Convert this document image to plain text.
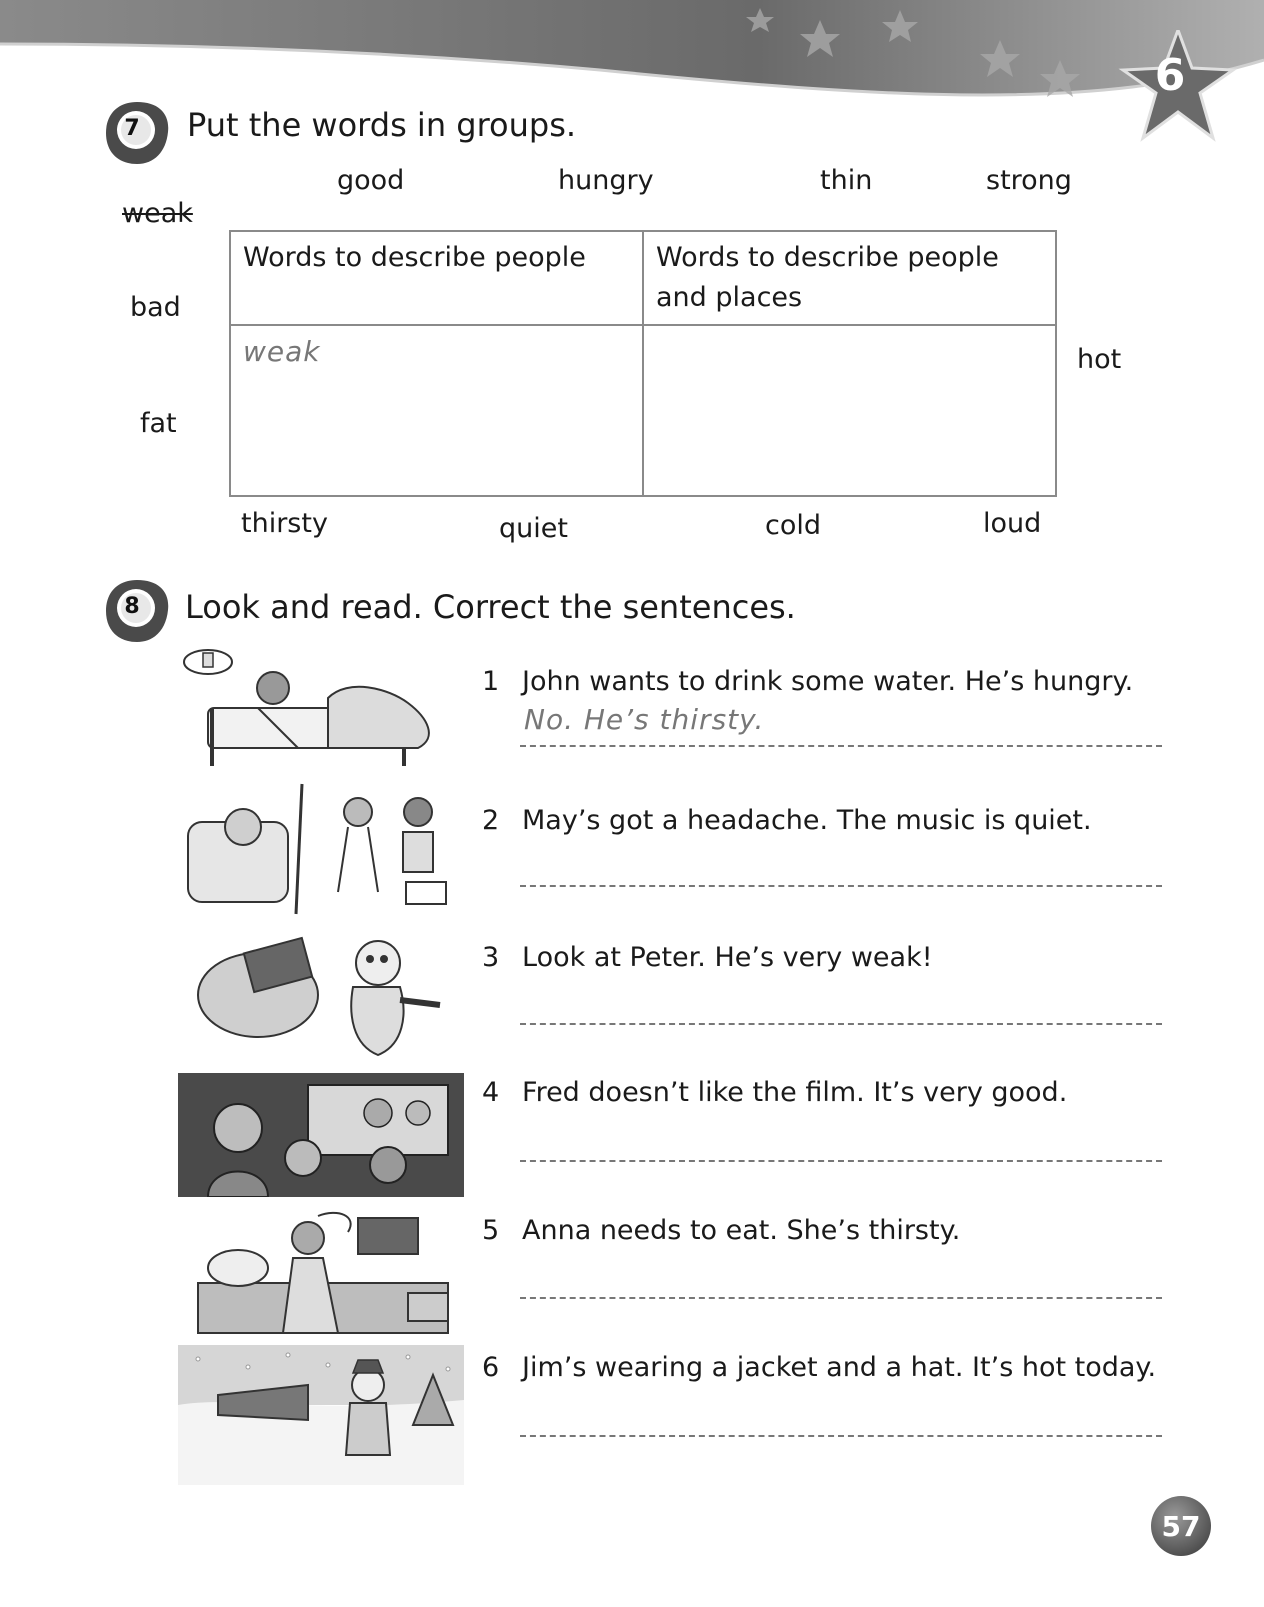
6
7	Put the words in groups.
good	hungry	thin	strong
weak
bad
fat
hot
thirsty	quiet	cold	loud
Words to describe people	Words to describe people
and places
weak	
8	Look and read. Correct the sentences.
1 John wants to drink some water. He’s hungry.
No. He’s thirsty.
2 May’s got a headache. The music is quiet.
3 Look at Peter. He’s very weak!
4 Fred doesn’t like the film. It’s very good.
5 Anna needs to eat. She’s thirsty.
6 Jim’s wearing a jacket and a hat. It’s hot today.
57
